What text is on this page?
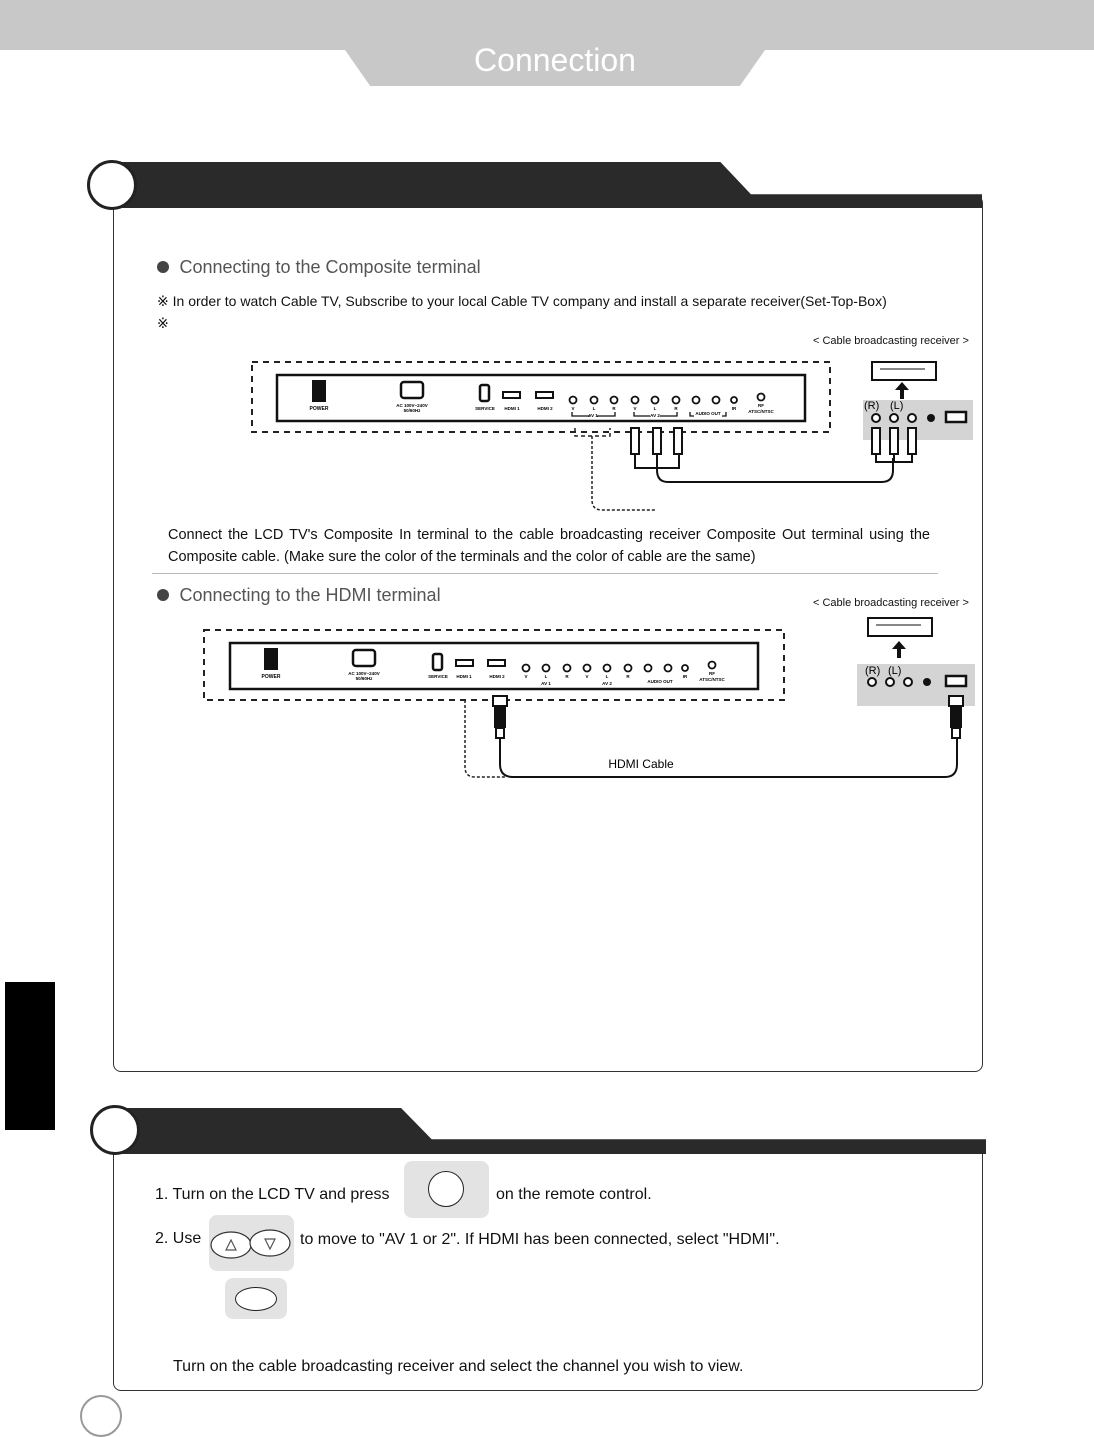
Connection
Connecting to the Composite terminal
※ In order to watch Cable TV, Subscribe to your local Cable TV company and install a separate receiver(Set-Top-Box)
※
< Cable broadcasting receiver >
POWER
AC 100V~240V
50/60Hz	SERVICE HDMI 1	HDMI 2	V	L	R	V	L	R
AV 1	AV 2	AUDIO OUT
IR
RF
ATSC/NTSC	(R) (L)
Connect the LCD TV's Composite In terminal to the cable broadcasting receiver Composite Out terminal using the Composite cable. (Make sure the color of the terminals and the color of cable are the same)
Connecting to the HDMI terminal	< Cable broadcasting receiver >
POWER
AC 100V~240V
50/60Hz	SERVICE HDMI 1	HDMI 2	V	L	R	V	L	R
AV 1	AV 2	AUDIO OUT
IR
RF
ATSC/NTSC
HDMI Cable
(R) (L)
1. Turn on the LCD TV and press	on the remote control.
2. Use	to move to "AV 1 or 2". If HDMI has been connected, select "HDMI".
Turn on the cable broadcasting receiver and select the channel you wish to view.
